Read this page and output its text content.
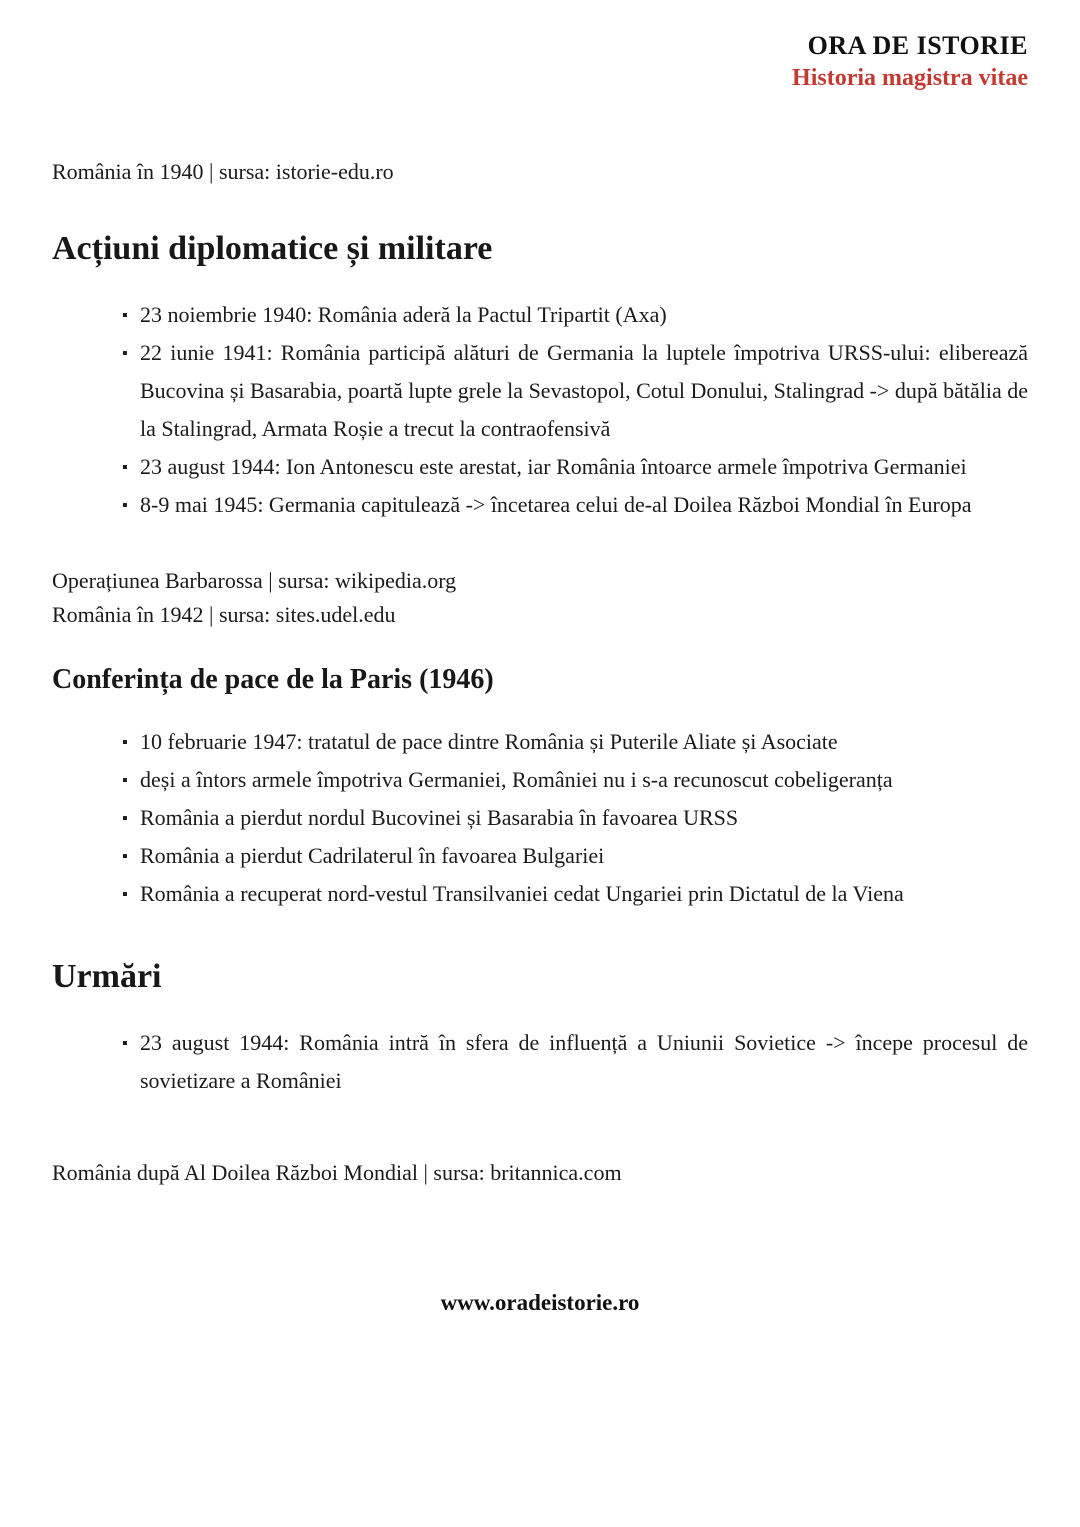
ORA DE ISTORIE
Historia magistra vitae

România în 1940 | sursa: istorie-edu.ro

Acțiuni diplomatice și militare
▪ 23 noiembrie 1940: România aderă la Pactul Tripartit (Axa)
▪ 22 iunie 1941: România participă alături de Germania la luptele împotriva URSS-ului: eliberează Bucovina și Basarabia, poartă lupte grele la Sevastopol, Cotul Donului, Stalingrad -> după bătălia de la Stalingrad, Armata Roșie a trecut la contraofensivă
▪ 23 august 1944: Ion Antonescu este arestat, iar România întoarce armele împotriva Germaniei
▪ 8-9 mai 1945: Germania capitulează -> încetarea celui de-al Doilea Război Mondial în Europa

Operațiunea Barbarossa | sursa: wikipedia.org

România în 1942 | sursa: sites.udel.edu

Conferința de pace de la Paris (1946)
▪ 10 februarie 1947: tratatul de pace dintre România și Puterile Aliate și Asociate
▪ deși a întors armele împotriva Germaniei, României nu i s-a recunoscut cobeligeranța
▪ România a pierdut nordul Bucovinei și Basarabia în favoarea URSS
▪ România a pierdut Cadrilaterul în favoarea Bulgariei
▪ România a recuperat nord-vestul Transilvaniei cedat Ungariei prin Dictatul de la Viena
Urmări
▪ 23 august 1944: România intră în sfera de influență a Uniunii Sovietice -> începe procesul de sovietizare a României

România după Al Doilea Război Mondial | sursa: britannica.com

www.oradeistorie.ro
